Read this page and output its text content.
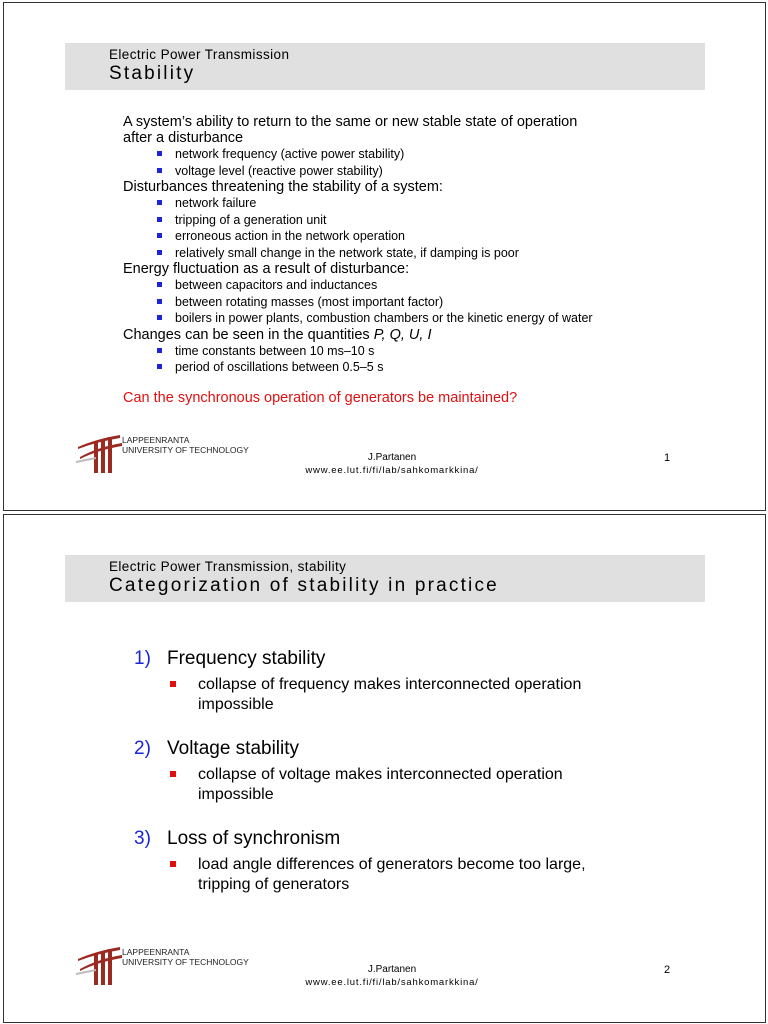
Electric Power Transmission
Stability
A system’s ability to return to the same or new stable state of operation
after a disturbance
network frequency (active power stability)
voltage level (reactive power stability)
Disturbances threatening the stability of a system:
network failure
tripping of a generation unit
erroneous action in the network operation
relatively small change in the network state, if damping is poor
Energy fluctuation as a result of disturbance:
between capacitors and inductances
between rotating masses (most important factor)
boilers in power plants, combustion chambers or the kinetic energy of water
Changes can be seen in the quantities P, Q, U, I
time constants between 10 ms–10 s
period of oscillations between 0.5–5 s
Can the synchronous operation of generators be maintained?
LAPPEENRANTA
UNIVERSITY OF TECHNOLOGY
J.Partanen
www.ee.lut.fi/fi/lab/sahkomarkkina/
1
Electric Power Transmission, stability
Categorization of stability in practice
1) Frequency stability
collapse of frequency makes interconnected operation
impossible
2) Voltage stability
collapse of voltage makes interconnected operation
impossible
3) Loss of synchronism
load angle differences of generators become too large,
tripping of generators
LAPPEENRANTA
UNIVERSITY OF TECHNOLOGY
J.Partanen
www.ee.lut.fi/fi/lab/sahkomarkkina/
2
